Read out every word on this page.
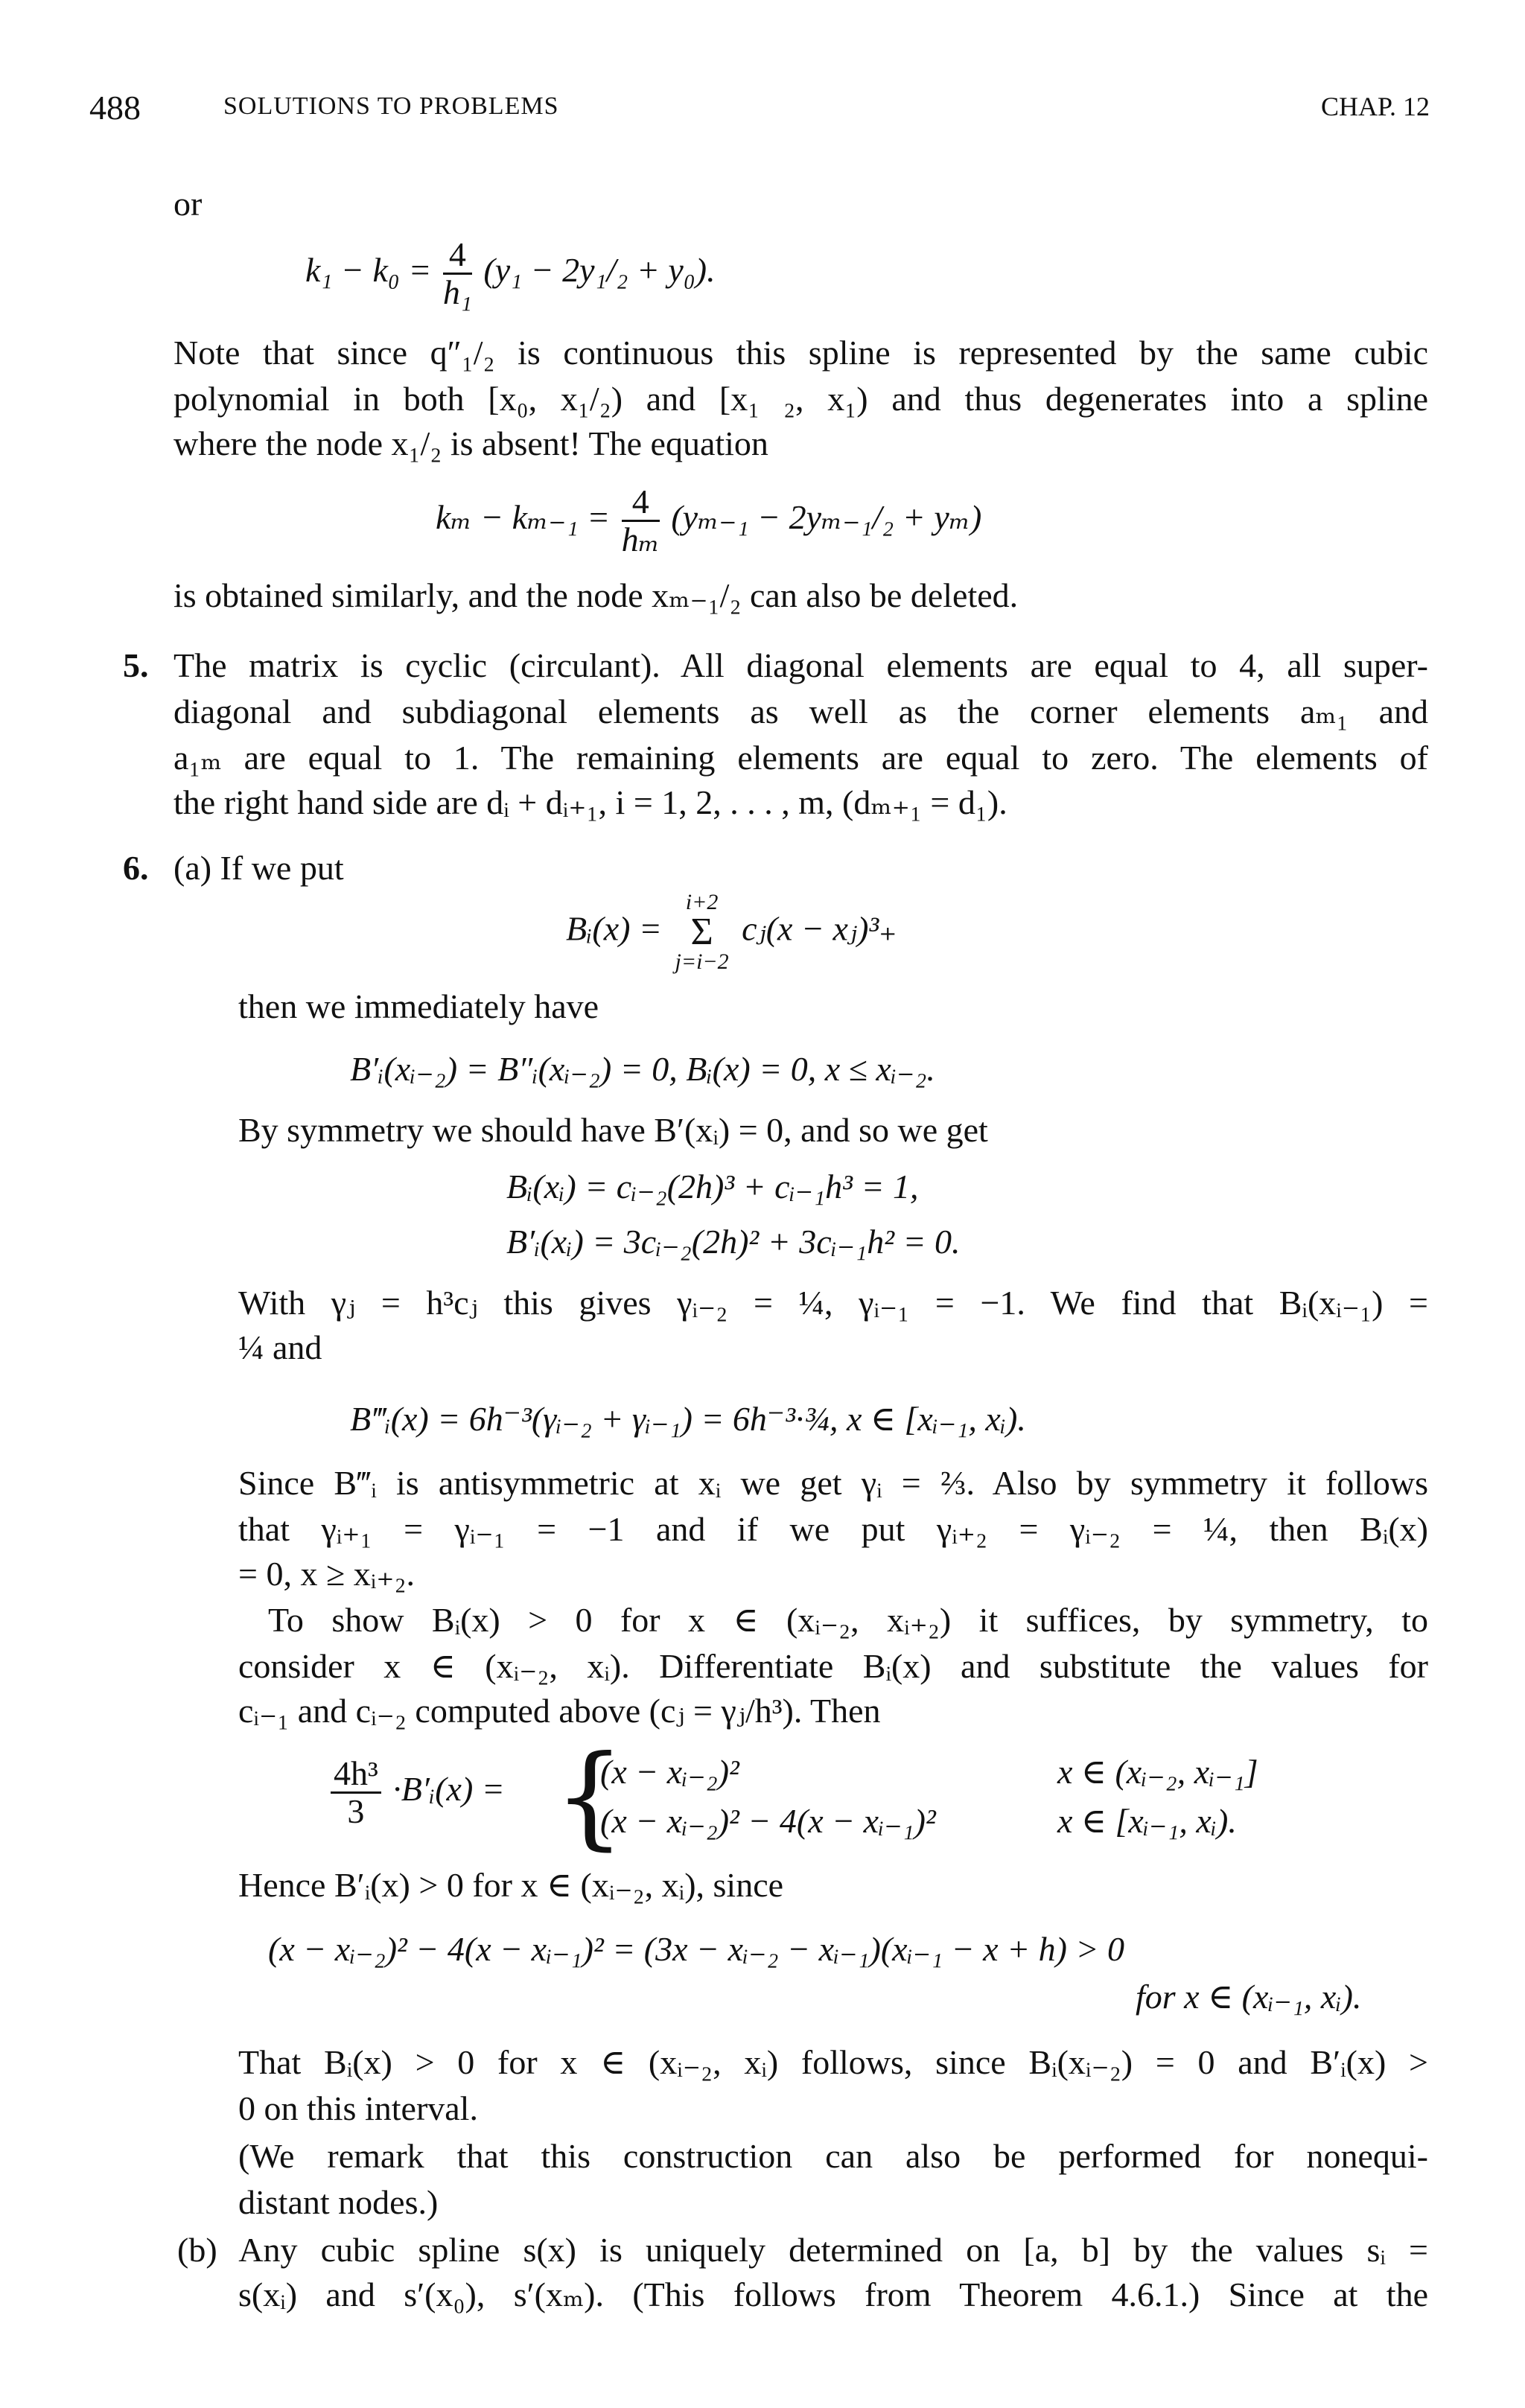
488	SOLUTIONS TO PROBLEMS	CHAP. 12
or
$k_1 - k_0 = \frac{4}{\text{h₁}} (y_1 - 2y_1/_2 + y_0)$.
Note that since q″₁/₂ is continuous this spline is represented by the same cubic
polynomial in both [x₀, x₁/₂) and [x₁ ₂, x₁) and thus degenerates into a spline
where the node x₁/₂ is absent! The equation
$k_m - k_{m-1} = \frac{4}{\text{hₘ}} (y_{m-1} - 2y_{m-1}/_2 + y_m)$
is obtained similarly, and the node xₘ₋₁/₂ can also be deleted.
5. The matrix is cyclic (circulant). All diagonal elements are equal to 4, all super-
diagonal and subdiagonal elements as well as the corner elements aₘ₁ and
a₁ₘ are equal to 1. The remaining elements are equal to zero. The elements of
the right hand side are dᵢ + dᵢ₊₁, i = 1, 2, . . . , m, (dₘ₊₁ = d₁).
6. (a) If we put
Bᵢ(x) =
i+2
Σ
j=i−2
cⱼ(x − xⱼ)³₊
then we immediately have
B′ᵢ(xᵢ₋₂) = B″ᵢ(xᵢ₋₂) = 0, Bᵢ(x) = 0, x ≤ xᵢ₋₂.
By symmetry we should have B′(xᵢ) = 0, and so we get
Bᵢ(xᵢ) = cᵢ₋₂(2h)³ + cᵢ₋₁h³ = 1,
B′ᵢ(xᵢ) = 3cᵢ₋₂(2h)² + 3cᵢ₋₁h² = 0.
With γⱼ = h³cⱼ this gives γᵢ₋₂ = ¼, γᵢ₋₁ = −1. We find that Bᵢ(xᵢ₋₁) =
¼ and
B‴ᵢ(x) = 6h⁻³(γᵢ₋₂ + γᵢ₋₁) = 6h⁻³·¾, x ∈ [xᵢ₋₁, xᵢ).
Since B‴ᵢ is antisymmetric at xᵢ we get γᵢ = ⅔. Also by symmetry it follows
that γᵢ₊₁ = γᵢ₋₁ = −1 and if we put γᵢ₊₂ = γᵢ₋₂ = ¼, then Bᵢ(x)
= 0, x ≥ xᵢ₊₂.
To show Bᵢ(x) > 0 for x ∈ (xᵢ₋₂, xᵢ₊₂) it suffices, by symmetry, to
consider x ∈ (xᵢ₋₂, xᵢ). Differentiate Bᵢ(x) and substitute the values for
cᵢ₋₁ and cᵢ₋₂ computed above (cⱼ = γⱼ/h³). Then
$\frac{\text{4h³}}{3}$ ·B′ᵢ(x) = {
(x − xᵢ₋₂)²	x ∈ (xᵢ₋₂, xᵢ₋₁]
(x − xᵢ₋₂)² − 4(x − xᵢ₋₁)²	x ∈ [xᵢ₋₁, xᵢ).
Hence B′ᵢ(x) > 0 for x ∈ (xᵢ₋₂, xᵢ), since
(x − xᵢ₋₂)² − 4(x − xᵢ₋₁)² = (3x − xᵢ₋₂ − xᵢ₋₁)(xᵢ₋₁ − x + h) > 0
for x ∈ (xᵢ₋₁, xᵢ).
That Bᵢ(x) > 0 for x ∈ (xᵢ₋₂, xᵢ) follows, since Bᵢ(xᵢ₋₂) = 0 and B′ᵢ(x) >
0 on this interval.
(We remark that this construction can also be performed for nonequi-
distant nodes.)
(b) Any cubic spline s(x) is uniquely determined on [a, b] by the values sᵢ =
s(xᵢ) and s′(x₀), s′(xₘ). (This follows from Theorem 4.6.1.) Since at the
